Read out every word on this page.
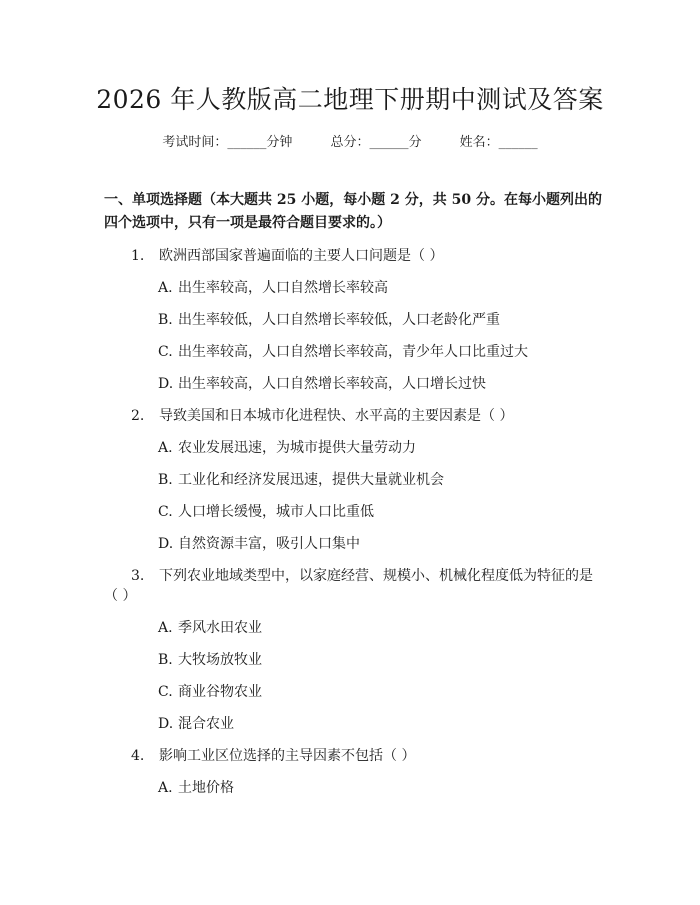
2026 年人教版高二地理下册期中测试及答案
考试时间：______分钟	总分：______分	姓名：______
一、单项选择题（本大题共 25 小题，每小题 2 分，共 50 分。在每小题列出的四个选项中，只有一项是最符合题目要求的。）
1. 欧洲西部国家普遍面临的主要人口问题是（ ）
A. 出生率较高，人口自然增长率较高
B. 出生率较低，人口自然增长率较低，人口老龄化严重
C. 出生率较高，人口自然增长率较高，青少年人口比重过大
D. 出生率较高，人口自然增长率较高，人口增长过快
2. 导致美国和日本城市化进程快、水平高的主要因素是（ ）
A. 农业发展迅速，为城市提供大量劳动力
B. 工业化和经济发展迅速，提供大量就业机会
C. 人口增长缓慢，城市人口比重低
D. 自然资源丰富，吸引人口集中
3. 下列农业地域类型中，以家庭经营、规模小、机械化程度低为特征的是
（ ）
A. 季风水田农业
B. 大牧场放牧业
C. 商业谷物农业
D. 混合农业
4. 影响工业区位选择的主导因素不包括（ ）
A. 土地价格
